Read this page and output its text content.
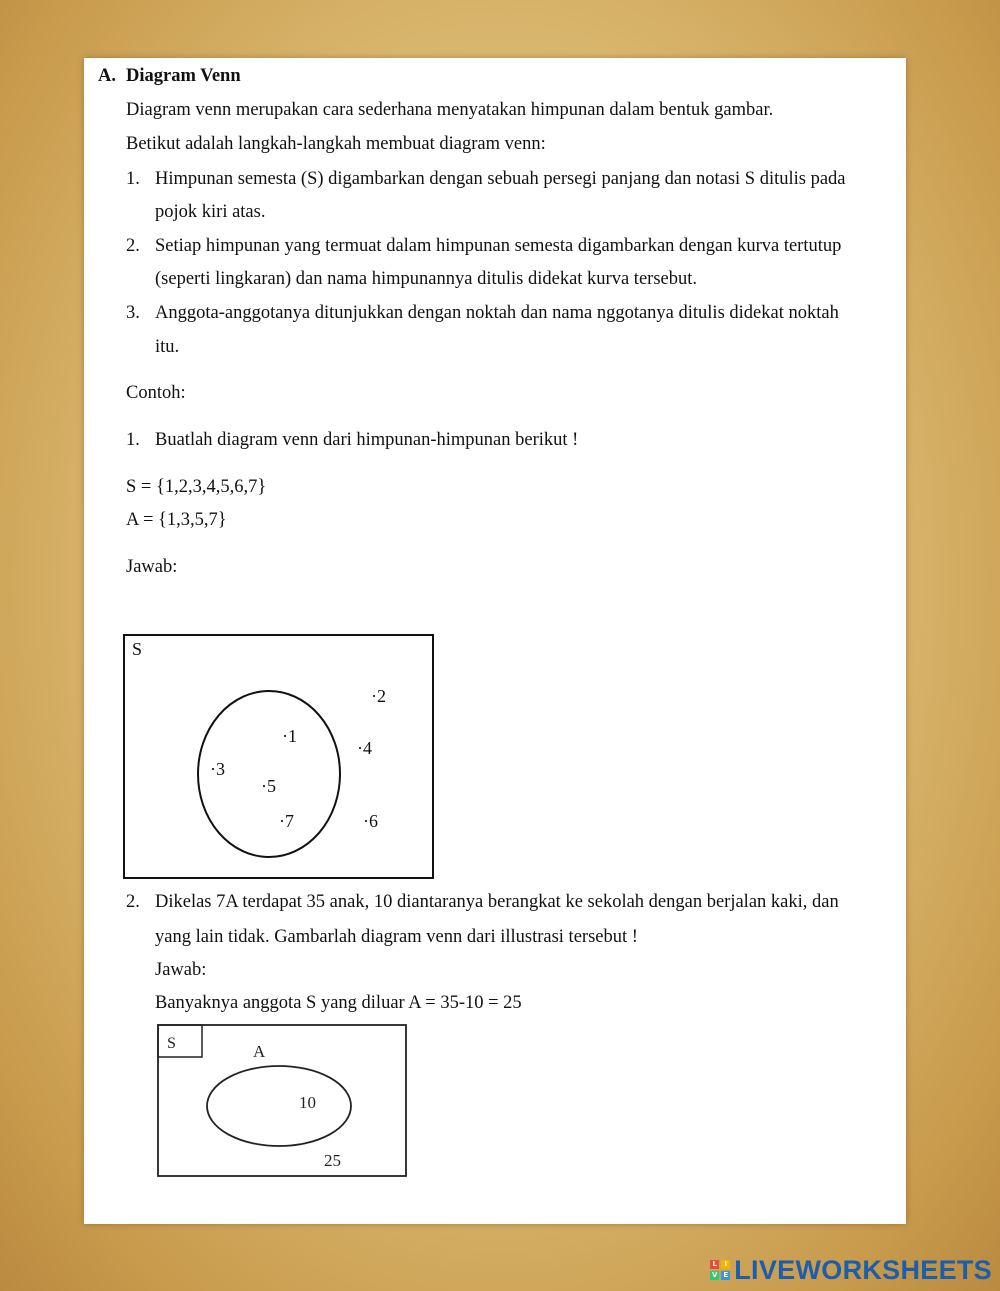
A. Diagram Venn
Diagram venn merupakan cara sederhana menyatakan himpunan dalam bentuk gambar.
Betikut adalah langkah-langkah membuat diagram venn:
1. Himpunan semesta (S) digambarkan dengan sebuah persegi panjang dan notasi S ditulis pada
pojok kiri atas.
2. Setiap himpunan yang termuat dalam himpunan semesta digambarkan dengan kurva tertutup
(seperti lingkaran) dan nama himpunannya ditulis didekat kurva tersebut.
3. Anggota-anggotanya ditunjukkan dengan noktah dan nama nggotanya ditulis didekat noktah
itu.
Contoh:
1. Buatlah diagram venn dari himpunan-himpunan berikut !
S = {1,2,3,4,5,6,7}
A = {1,3,5,7}
Jawab:
S
·1
·3
·5
·7
·2
·4
·6
2. Dikelas 7A terdapat 35 anak, 10 diantaranya berangkat ke sekolah dengan berjalan kaki, dan
yang lain tidak. Gambarlah diagram venn dari illustrasi tersebut !
Jawab:
Banyaknya anggota S yang diluar A = 35-10 = 25
S	A
10
25
L	I
V E LIVEWORKSHEETS
